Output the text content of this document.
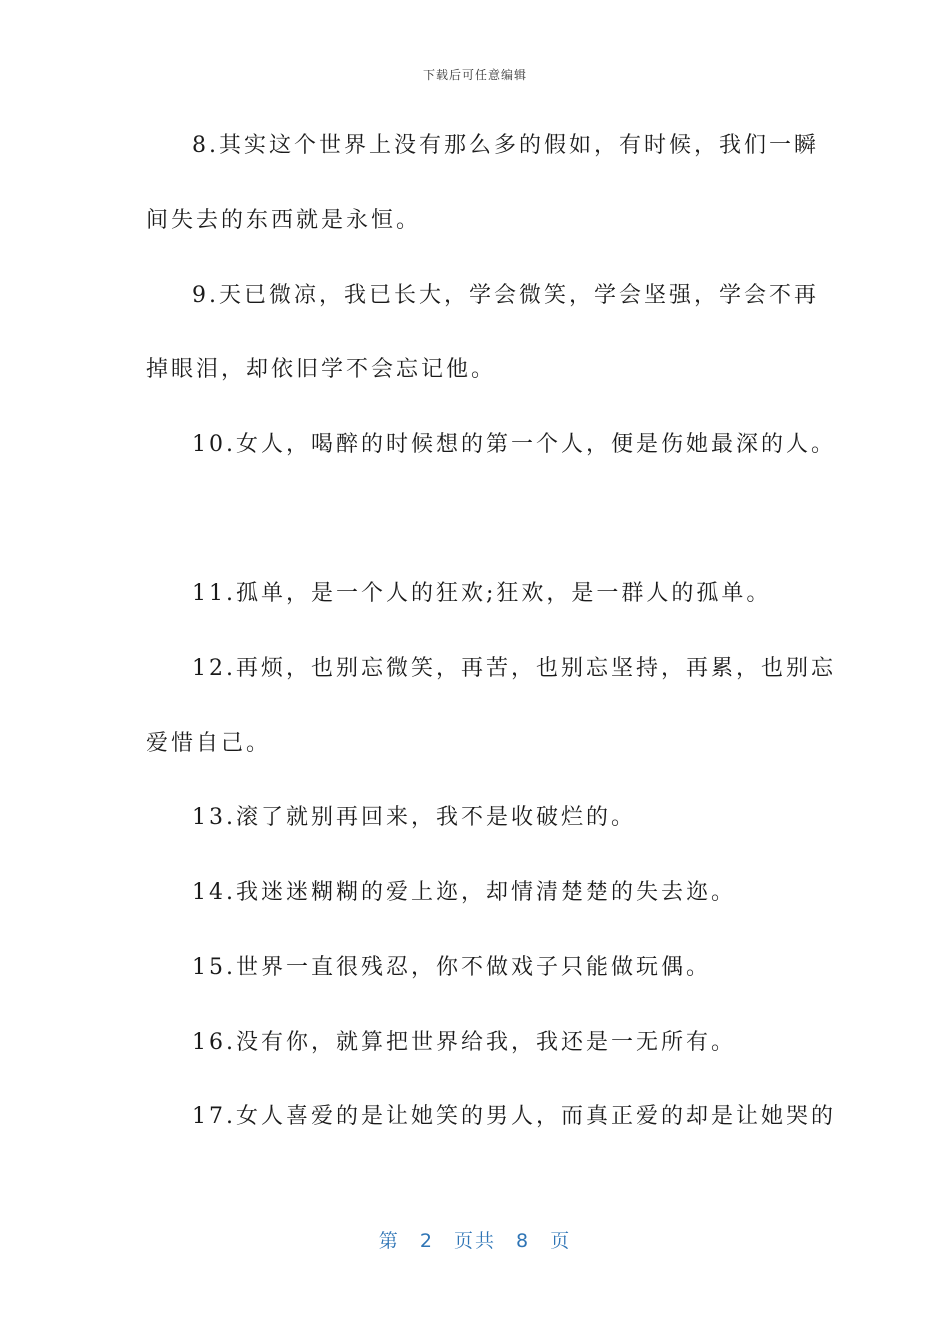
下载后可任意编辑
8.其实这个世界上没有那么多的假如，有时候，我们一瞬
间失去的东西就是永恒。
9.天已微凉，我已长大，学会微笑，学会坚强，学会不再
掉眼泪，却依旧学不会忘记他。
10.女人，喝醉的时候想的第一个人，便是伤她最深的人。
11.孤单，是一个人的狂欢;狂欢，是一群人的孤单。
12.再烦，也别忘微笑，再苦，也别忘坚持，再累，也别忘
爱惜自己。
13.滚了就别再回来，我不是收破烂的。
14.我迷迷糊糊的爱上迩，却情清楚楚的失去迩。
15.世界一直很残忍，你不做戏子只能做玩偶。
16.没有你，就算把世界给我，我还是一无所有。
17.女人喜爱的是让她笑的男人，而真正爱的却是让她哭的
第 2 页共 8 页
